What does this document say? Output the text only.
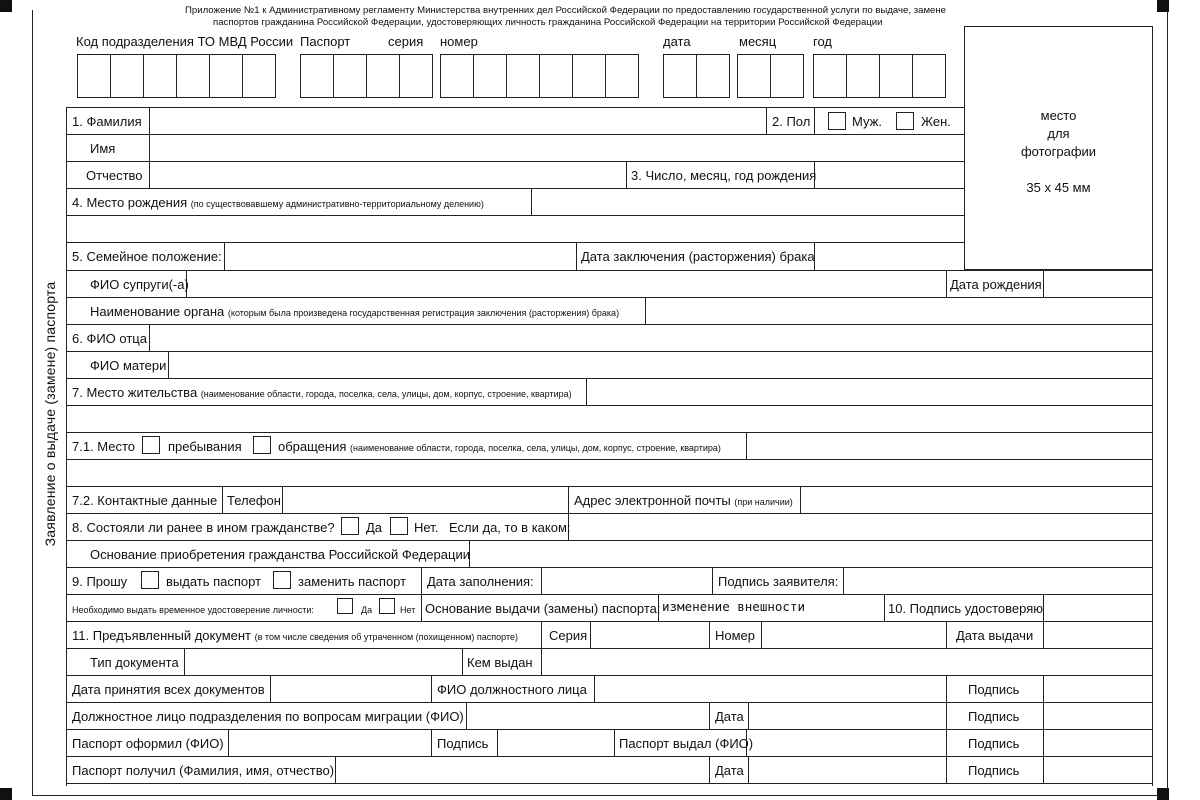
Приложение №1 к Административному регламенту Министерства внутренних дел Российской Федерации по предоставлению государственной услуги по выдаче, замене
паспортов гражданина Российской Федерации, удостоверяющих личность гражданина Российской Федерации на территории Российской Федерации
Код подразделения ТО МВД России Паспорт	серия номер	дата	месяц	год
место
для
фотографии
35 x 45 мм
Заявление о выдаче (замене) паспорта
1. Фамилия	2. Пол	Муж.	Жен.
Имя
Отчество	3. Число, месяц, год рождения
4. Место рождения (по существовавшему административно-территориальному делению)
5. Семейное положение:	Дата заключения (расторжения) брака
ФИО супруги(-а)	Дата рождения
Наименование органа (которым была произведена государственная регистрация заключения (расторжения) брака)
6. ФИО отца
ФИО матери
7. Место жительства (наименование области, города, поселка, села, улицы, дом, корпус, строение, квартира)
7.1. Место	пребывания	обращения (наименование области, города, поселка, села, улицы, дом, корпус, строение, квартира)
7.2. Контактные данные Телефон	Адрес электронной почты (при наличии)
8. Состояли ли ранее в ином гражданстве? Да Нет. Если да, то в каком:
Основание приобретения гражданства Российской Федерации
9. Прошу	выдать паспорт	заменить паспорт Дата заполнения:	Подпись заявителя:
Необходимо выдать временное удостоверение личности:	Да	Нет Основание выдачи (замены) паспорта: изменение внешности	10. Подпись удостоверяю
11. Предъявленный документ (в том числе сведения об утраченном (похищенном) паспорте) Серия	Номер	Дата выдачи
Тип документа	Кем выдан
Дата принятия всех документов	ФИО должностного лица	Подпись
Должностное лицо подразделения по вопросам миграции (ФИО)	Дата	Подпись
Паспорт оформил (ФИО)	Подпись	Паспорт выдал (ФИО)	Подпись
Паспорт получил (Фамилия, имя, отчество)	Дата	Подпись
